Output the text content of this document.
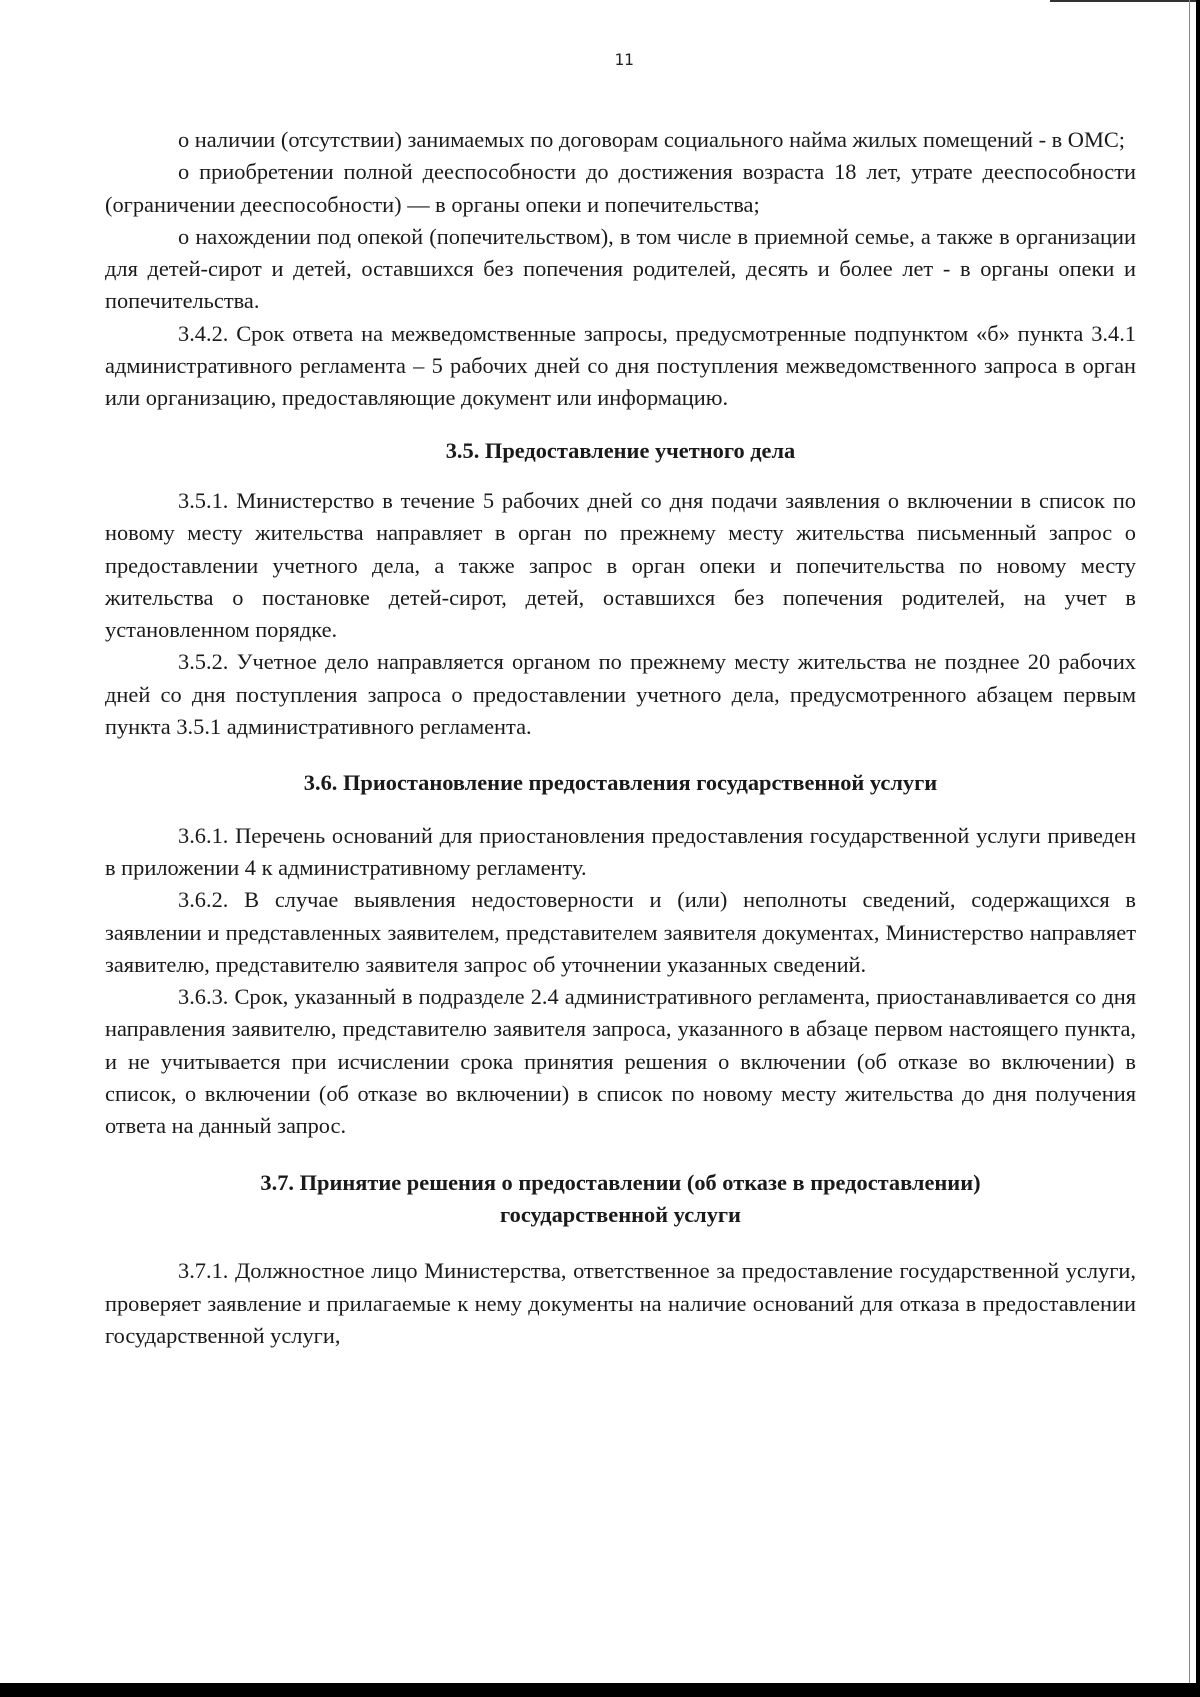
11

о наличии (отсутствии) занимаемых по договорам социального найма жилых помещений - в ОМС;

о приобретении полной дееспособности до достижения возраста 18 лет, утрате дееспособности (ограничении дееспособности) — в органы опеки и попечительства;

о нахождении под опекой (попечительством), в том числе в приемной семье, а также в организации для детей-сирот и детей, оставшихся без попечения родителей, десять и более лет - в органы опеки и попечительства.

3.4.2. Срок ответа на межведомственные запросы, предусмотренные подпунктом «б» пункта 3.4.1 административного регламента – 5 рабочих дней со дня поступления межведомственного запроса в орган или организацию, предоставляющие документ или информацию.

3.5. Предоставление учетного дела

3.5.1. Министерство в течение 5 рабочих дней со дня подачи заявления о включении в список по новому месту жительства направляет в орган по прежнему месту жительства письменный запрос о предоставлении учетного дела, а также запрос в орган опеки и попечительства по новому месту жительства о постановке детей-сирот, детей, оставшихся без попечения родителей, на учет в установленном порядке.

3.5.2. Учетное дело направляется органом по прежнему месту жительства не позднее 20 рабочих дней со дня поступления запроса о предоставлении учетного дела, предусмотренного абзацем первым пункта 3.5.1 административного регламента.

3.6. Приостановление предоставления государственной услуги

3.6.1. Перечень оснований для приостановления предоставления государственной услуги приведен в приложении 4 к административному регламенту.

3.6.2. В случае выявления недостоверности и (или) неполноты сведений, содержащихся в заявлении и представленных заявителем, представителем заявителя документах, Министерство направляет заявителю, представителю заявителя запрос об уточнении указанных сведений.

3.6.3. Срок, указанный в подразделе 2.4 административного регламента, приостанавливается со дня направления заявителю, представителю заявителя запроса, указанного в абзаце первом настоящего пункта, и не учитывается при исчислении срока принятия решения о включении (об отказе во включении) в список, о включении (об отказе во включении) в список по новому месту жительства до дня получения ответа на данный запрос.

3.7. Принятие решения о предоставлении (об отказе в предоставлении)
государственной услуги

3.7.1. Должностное лицо Министерства, ответственное за предоставление государственной услуги, проверяет заявление и прилагаемые к нему документы на наличие оснований для отказа в предоставлении государственной услуги,
